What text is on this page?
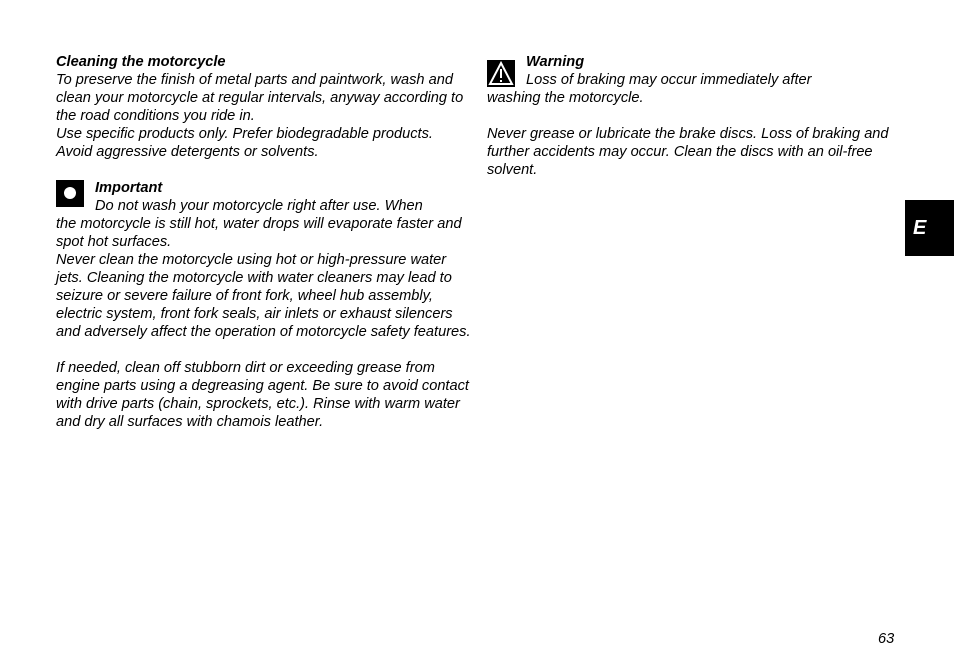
Cleaning the motorcycle

To preserve the finish of metal parts and paintwork, wash and clean your motorcycle at regular intervals, anyway according to the road conditions you ride in.

Use specific products only. Prefer biodegradable products. Avoid aggressive detergents or solvents.

Important
Do not wash your motorcycle right after use. When

the motorcycle is still hot, water drops will evaporate faster and spot hot surfaces.

Never clean the motorcycle using hot or high-pressure water jets. Cleaning the motorcycle with water cleaners may lead to seizure or severe failure of front fork, wheel hub assembly, electric system, front fork seals, air inlets or exhaust silencers and adversely affect the operation of motorcycle safety features.

If needed, clean off stubborn dirt or exceeding grease from engine parts using a degreasing agent. Be sure to avoid contact with drive parts (chain, sprockets, etc.). Rinse with warm water and dry all surfaces with chamois leather.

Warning
Loss of braking may occur immediately after
washing the motorcycle.

Never grease or lubricate the brake discs. Loss of braking and further accidents may occur. Clean the discs with an oil-free solvent.

E
63
